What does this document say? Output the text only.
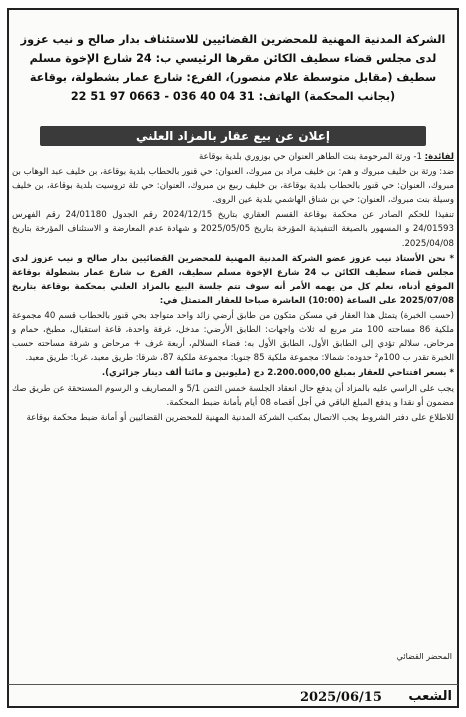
الشركة المدنية المهنية للمحضرين القضائيين للاستئناف بدار صالح و نيب عزوز لدى مجلس قضاء سطيف الكائن مقرها الرئيسي ب: 24 شارع الإخوة مسلم سطيف (مقابل متوسطة علام منصور)، الفرع: شارع عمار بشطولة، بوقاعة (بجانب المحكمة) الهاتف: 31 04 40 036 - 0663 97 51 22
إعلان عن بيع عقار بالمزاد العلني

لفائدة: 1- ورثة المرحومة بنت الطاهر العنوان حي بوزوري بلدية بوقاعة

ضد: ورثة بن خليف مبروك و هم: بن خليف مراد بن مبروك، العنوان: حي قنور بالحطاب بلدية بوقاعة، بن خليف عبد الوهاب بن مبروك، العنوان: حي قنور بالحطاب بلدية بوقاعة، بن خليف ربيع بن مبروك، العنوان: حي تلة تروسيت بلدية بوقاعة، بن خليف وسيلة بنت مبروك، العنوان: حي بن شناق الهاشمي بلدية عين الروى.

تنفيذا للحكم الصادر عن محكمة بوقاعة القسم العقاري بتاريخ 2024/12/15 رقم الجدول 24/01180 رقم الفهرس 24/01593 و المسهور بالصيغة التنفيذية المؤرخة بتاريخ 2025/05/05 و شهادة عدم المعارضة و الاستئناف المؤرخة بتاريخ 2025/04/08.

* نحن الأستاذ نيب عزوز عضو الشركة المدنية المهنية للمحضرين القضائيين بدار صالح و نيب عزوز لدى مجلس قضاء سطيف الكائن ب 24 شارع الإخوة مسلم سطيف، الفرع ب شارع عمار بشطولة بوقاعة الموقع أدناه، نعلم كل من يهمه الأمر أنه سوف تتم جلسة البيع بالمزاد العلني بمحكمة بوقاعة بتاريخ 2025/07/08 على الساعة (10:00) العاشرة صباحا للعقار المتمثل في:

(حسب الخبرة) يتمثل هذا العقار في مسكن متكون من طابق أرضي زائد واحد متواجد بحي قنور بالحطاب قسم 40 مجموعة ملكية 86 مساحته 100 متر مربع له ثلاث واجهات: الطابق الأرضي: مدخل، غرفة واحدة، قاعة استقبال، مطبخ، حمام و مرحاض، سلالم تؤدي إلى الطابق الأول، الطابق الأول به: فضاء السلالم، أربعة غرف + مرحاض و شرفة مساحته حسب الخبرة تقدر ب 100م² حدوده: شمالا: مجموعة ملكية 85 جنوبا: مجموعة ملكية 87، شرقا: طريق معبد، غربا: طريق معبد.

* بسعر افتتاحي للعقار بمبلغ 2.200.000,00 دج (مليونين و مائتا ألف دينار جزائري).

يجب على الراسي عليه بالمزاد أن يدفع حال انعقاد الجلسة خمس الثمن 5/1 و المصاريف و الرسوم المستحقة عن طريق صك مضمون أو نقدا و يدفع المبلغ الباقي في أجل أقصاه 08 أيام بأمانة ضبط المحكمة.

للاطلاع على دفتر الشروط يجب الاتصال بمكتب الشركة المدنية المهنية للمحضرين القضائيين أو أمانة ضبط محكمة بوقاعة

المحضر القضائي
2025/06/15 الشعب
